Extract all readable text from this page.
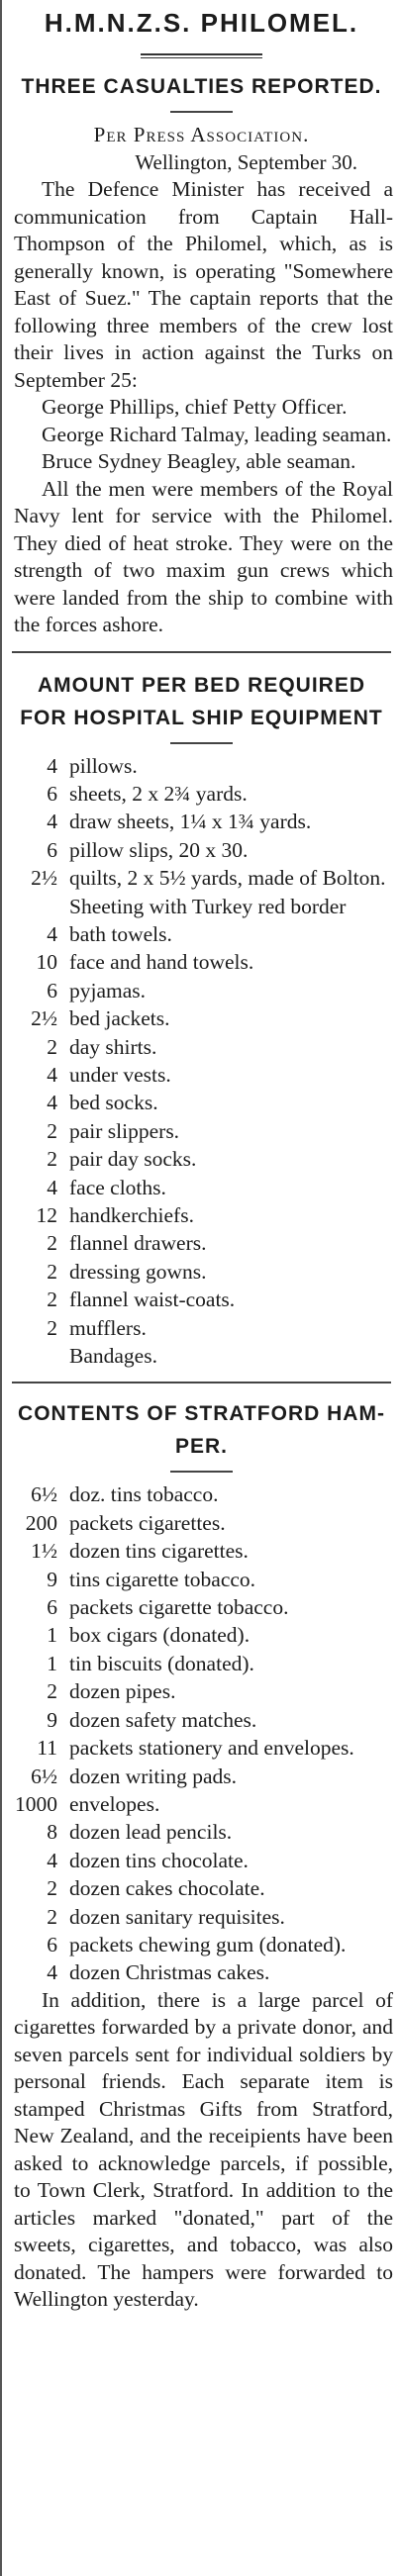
H.M.N.Z.S. PHILOMEL.
THREE CASUALTIES REPORTED.
Per Press Association.
Wellington, September 30.

The Defence Minister has received a communication from Captain Hall-Thompson of the Philomel, which, as is generally known, is operating "Somewhere East of Suez." The captain reports that the following three members of the crew lost their lives in action against the Turks on September 25:

George Phillips, chief Petty Officer.

George Richard Talmay, leading seaman.

Bruce Sydney Beagley, able seaman.

All the men were members of the Royal Navy lent for service with the Philomel. They died of heat stroke. They were on the strength of two maxim gun crews which were landed from the ship to combine with the forces ashore.

AMOUNT PER BED REQUIRED
FOR HOSPITAL SHIP EQUIPMENT
4 pillows.
6 sheets, 2 x 2¾ yards.
4 draw sheets, 1¼ x 1¾ yards.
6 pillow slips, 20 x 30.
2½ quilts, 2 x 5½ yards, made of Bolton.
Sheeting with Turkey red border
4 bath towels.
10 face and hand towels.
6 pyjamas.
2½ bed jackets.
2 day shirts.
4 under vests.
4 bed socks.
2 pair slippers.
2 pair day socks.
4 face cloths.
12 handkerchiefs.
2 flannel drawers.
2 dressing gowns.
2 flannel waist-coats.
2 mufflers.
Bandages.
CONTENTS OF STRATFORD HAM-
PER.
6½ doz. tins tobacco.
200 packets cigarettes.
1½ dozen tins cigarettes.
9 tins cigarette tobacco.
6 packets cigarette tobacco.
1 box cigars (donated).
1 tin biscuits (donated).
2 dozen pipes.
9 dozen safety matches.
11 packets stationery and envelopes.
6½ dozen writing pads.
1000 envelopes.
8 dozen lead pencils.
4 dozen tins chocolate.
2 dozen cakes chocolate.
2 dozen sanitary requisites.
6 packets chewing gum (donated).
4 dozen Christmas cakes.

In addition, there is a large parcel of cigarettes forwarded by a private donor, and seven parcels sent for individual soldiers by personal friends. Each separate item is stamped Christmas Gifts from Stratford, New Zealand, and the receipients have been asked to acknowledge parcels, if possible, to Town Clerk, Stratford. In addition to the articles marked "donated," part of the sweets, cigarettes, and tobacco, was also donated. The hampers were forwarded to Wellington yesterday.
